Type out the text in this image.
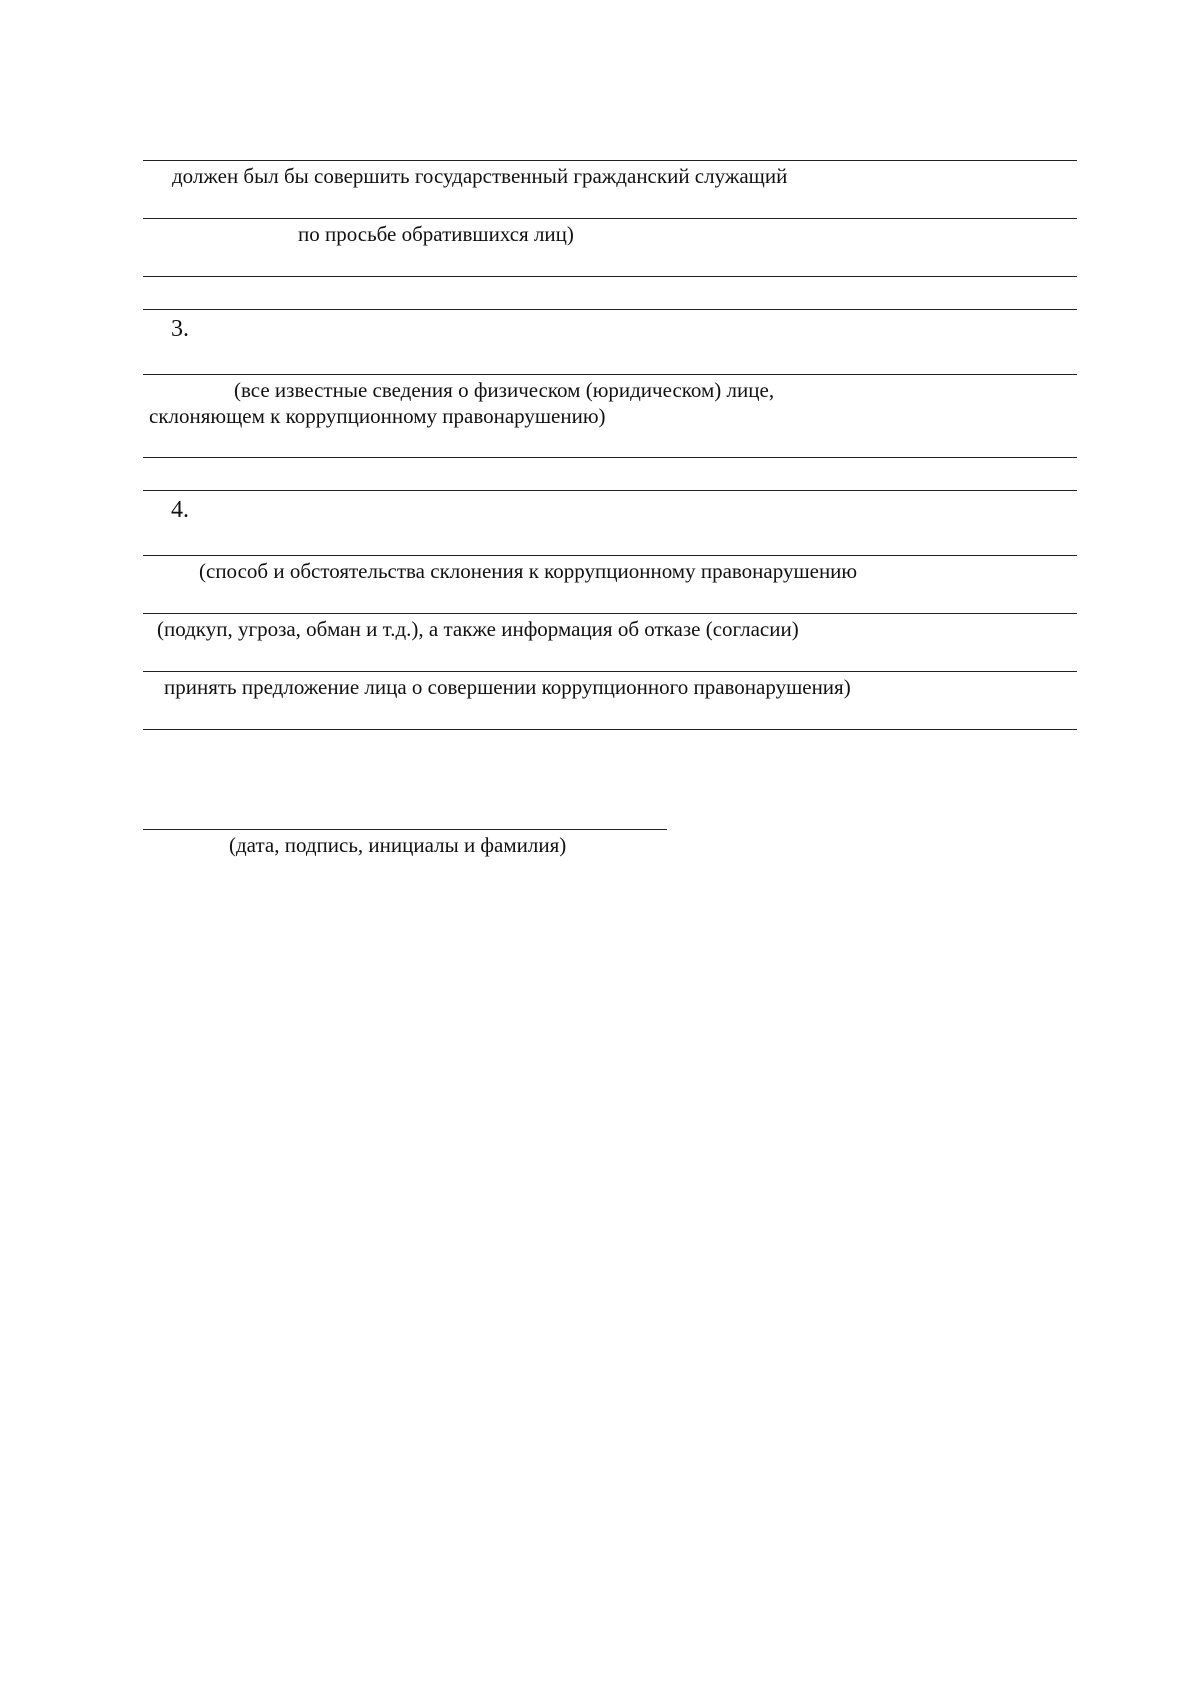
должен был бы совершить государственный гражданский служащий
по просьбе обратившихся лиц)
3.
(все известные сведения о физическом (юридическом) лице,
склоняющем к коррупционному правонарушению)
4.
(способ и обстоятельства склонения к коррупционному правонарушению
(подкуп, угроза, обман и т.д.), а также информация об отказе (согласии)
принять предложение лица о совершении коррупционного правонарушения)
(дата, подпись, инициалы и фамилия)
